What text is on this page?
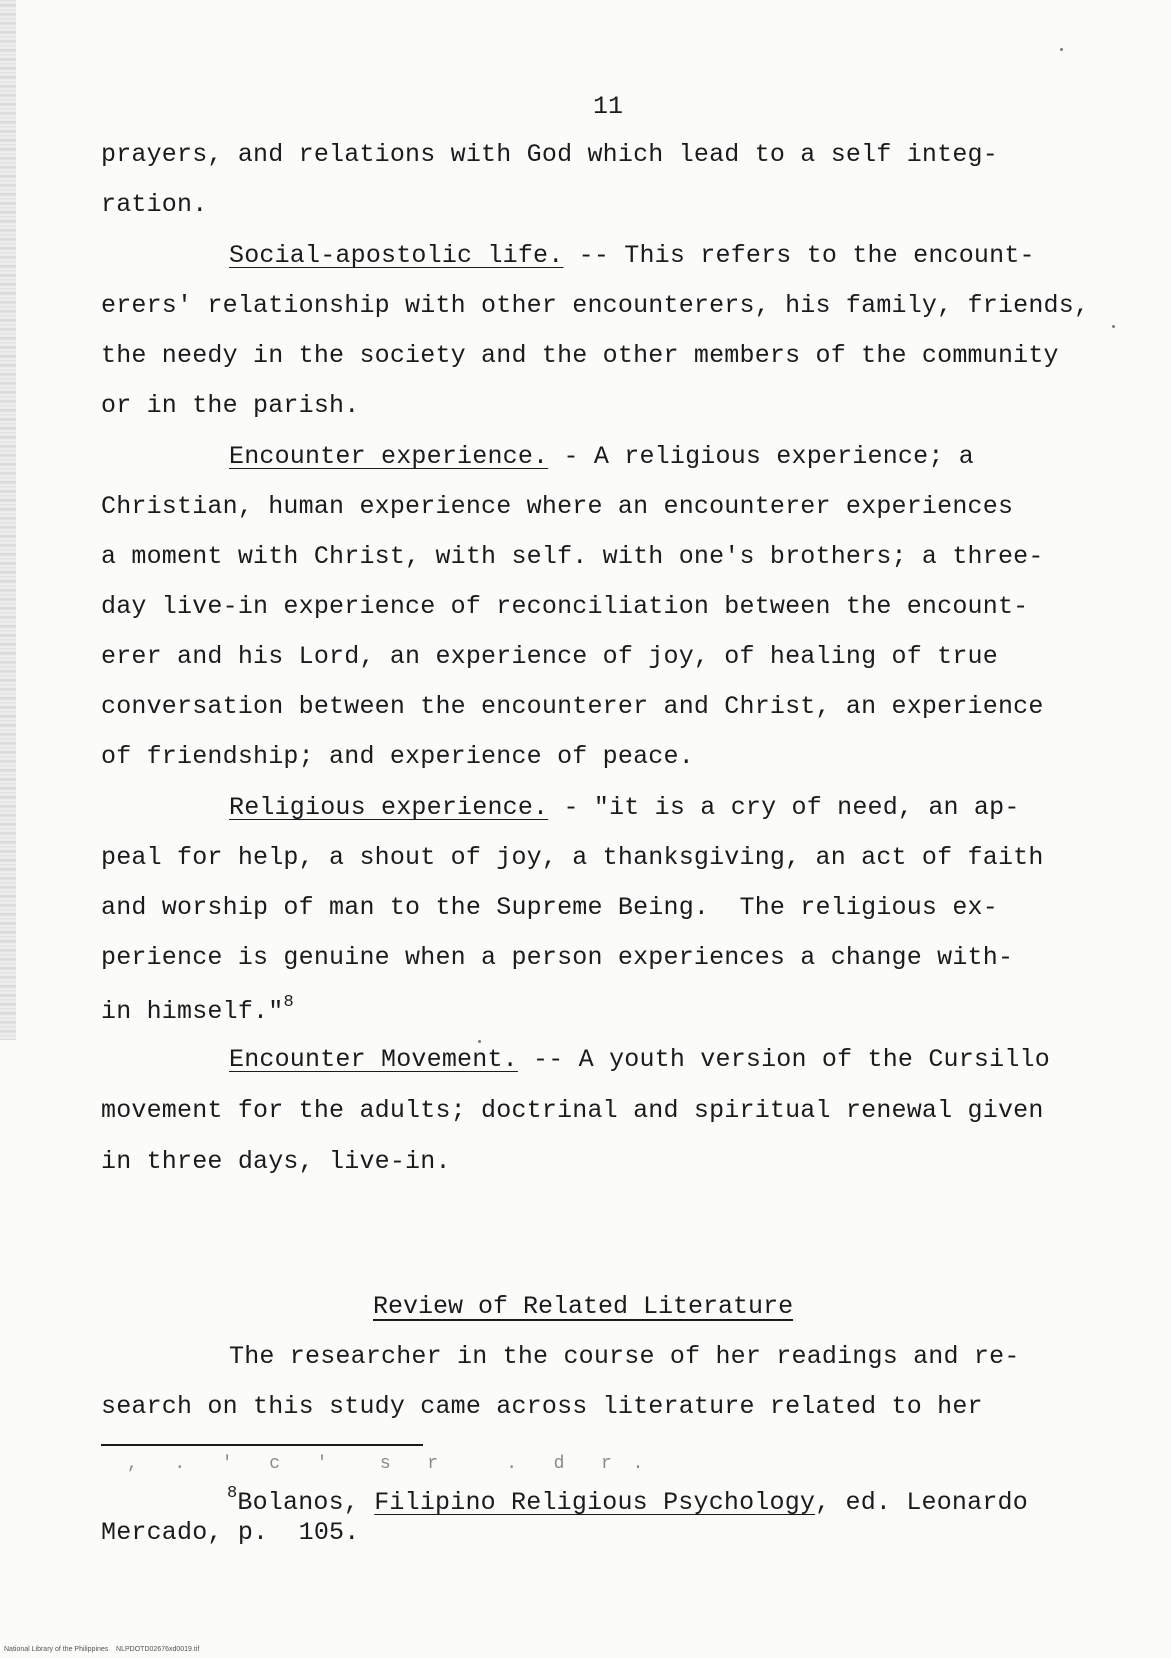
11
prayers, and relations with God which lead to a self integ-
ration.
Social-apostolic life. -- This refers to the encount-
erers' relationship with other encounterers, his family, friends,
the needy in the society and the other members of the community
or in the parish.
Encounter experience. - A religious experience; a
Christian, human experience where an encounterer experiences
a moment with Christ, with self. with one's brothers; a three-
day live-in experience of reconciliation between the encount-
erer and his Lord, an experience of joy, of healing of true
conversation between the encounterer and Christ, an experience
of friendship; and experience of peace.
Religious experience. - "it is a cry of need, an ap-
peal for help, a shout of joy, a thanksgiving, an act of faith
and worship of man to the Supreme Being.  The religious ex-
perience is genuine when a person experiences a change with-
in himself."$^8$
Encounter Movement. -- A youth version of the Cursillo
movement for the adults; doctrinal and spiritual renewal given
in three days, live-in.
Review of Related Literature
The researcher in the course of her readings and re-
search on this study came across literature related to her
,  .  '  c  '   s  r    .  d  r .
$^8$Bolanos, Filipino Religious Psychology, ed. Leonardo
Mercado, p.  105.
National Library of the Philippines    NLPDOTD02676xd0019.tif
